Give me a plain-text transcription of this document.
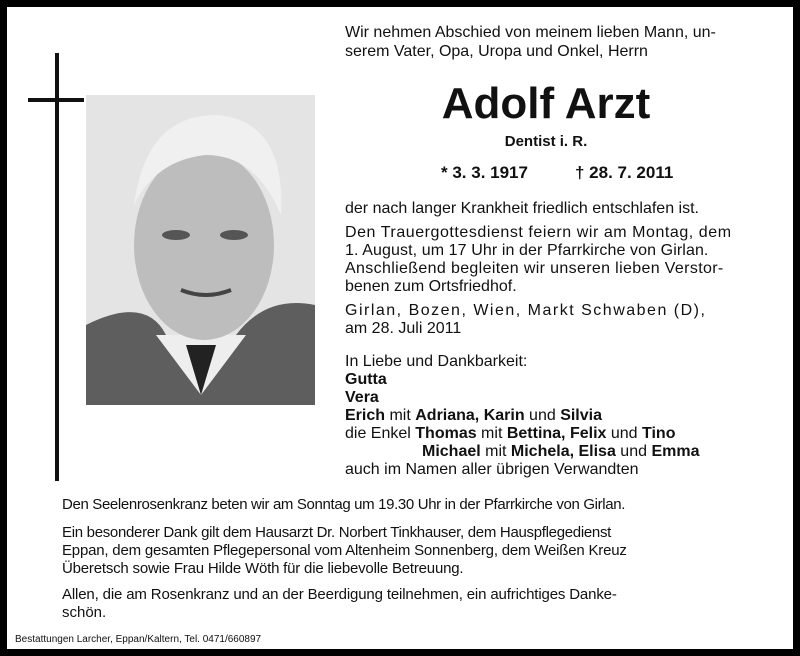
Wir nehmen Abschied von meinem lieben Mann, un-
serem Vater, Opa, Uropa und Onkel, Herrn
Adolf Arzt
Dentist i. R.
* 3. 3. 1917	† 28. 7. 2011
der nach langer Krankheit friedlich entschlafen ist.
Den Trauergottesdienst feiern wir am Montag, dem
1. August, um 17 Uhr in der Pfarrkirche von Girlan.
Anschließend begleiten wir unseren lieben Verstor-
benen zum Ortsfriedhof.
Girlan, Bozen, Wien, Markt Schwaben (D),
am 28. Juli 2011
In Liebe und Dankbarkeit:
Gutta
Vera
Erich mit Adriana, Karin und Silvia
die Enkel Thomas mit Bettina, Felix und Tino
Michael mit Michela, Elisa und Emma
auch im Namen aller übrigen Verwandten
Den Seelenrosenkranz beten wir am Sonntag um 19.30 Uhr in der Pfarrkirche von Girlan.
Ein besonderer Dank gilt dem Hausarzt Dr. Norbert Tinkhauser, dem Hauspflegedienst
Eppan, dem gesamten Pflegepersonal vom Altenheim Sonnenberg, dem Weißen Kreuz
Überetsch sowie Frau Hilde Wöth für die liebevolle Betreuung.
Allen, die am Rosenkranz und an der Beerdigung teilnehmen, ein aufrichtiges Danke-
schön.
Bestattungen Larcher, Eppan/Kaltern, Tel. 0471/660897
